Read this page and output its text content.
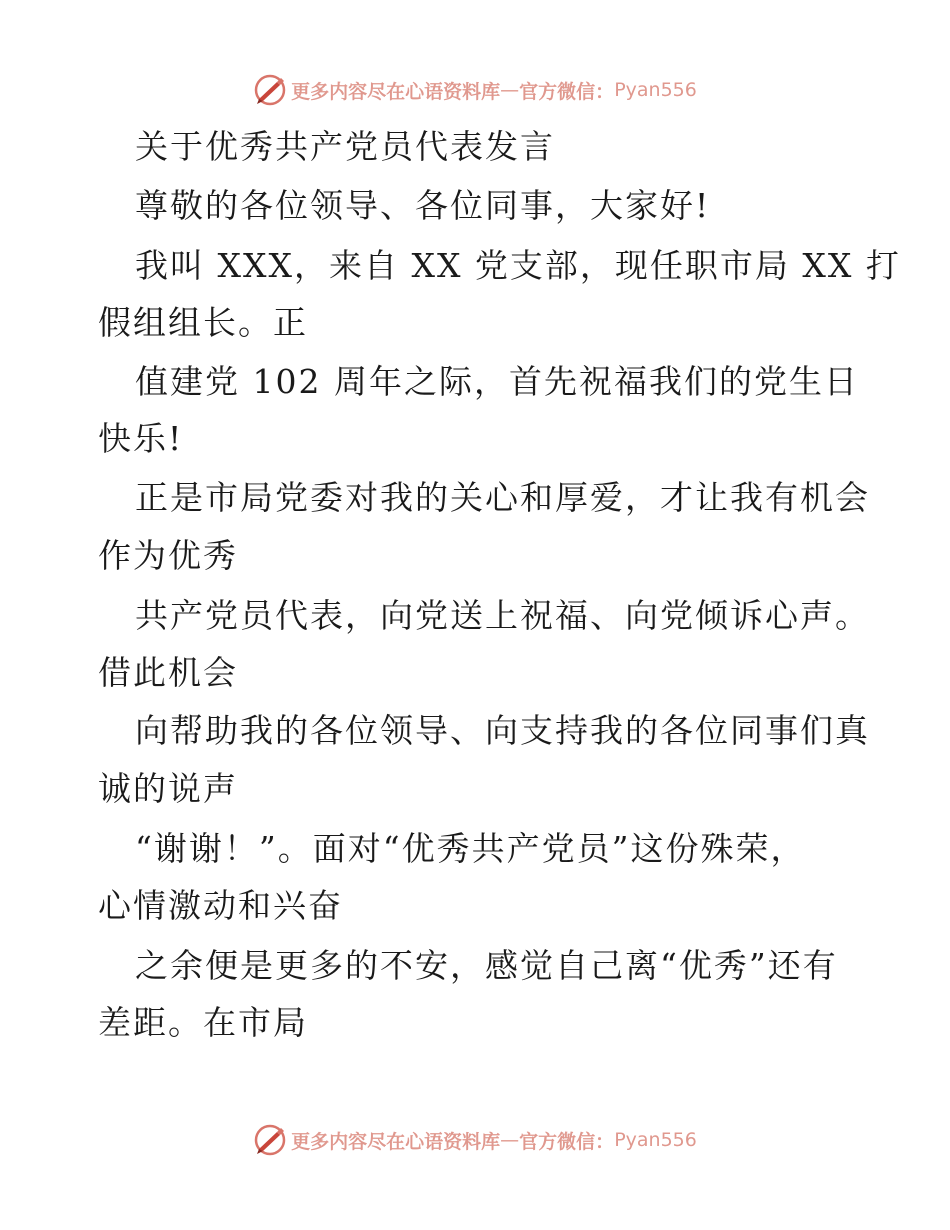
更多内容尽在心语资料库 — 官方微信： Pyan556
关于优秀共产党员代表发言
尊敬的各位领导、各位同事，大家好!
我叫 XXX，来自 XX 党支部，现任职市局 XX 打
假组组长。正
值建党 102 周年之际，首先祝福我们的党生日
快乐!
正是市局党委对我的关心和厚爱，才让我有机会
作为优秀
共产党员代表，向党送上祝福、向党倾诉心声。
借此机会
向帮助我的各位领导、向支持我的各位同事们真
诚的说声
“谢谢！”。面对“优秀共产党员”这份殊荣，
心情激动和兴奋
之余便是更多的不安，感觉自己离“优秀”还有
差距。在市局
更多内容尽在心语资料库 — 官方微信： Pyan556
